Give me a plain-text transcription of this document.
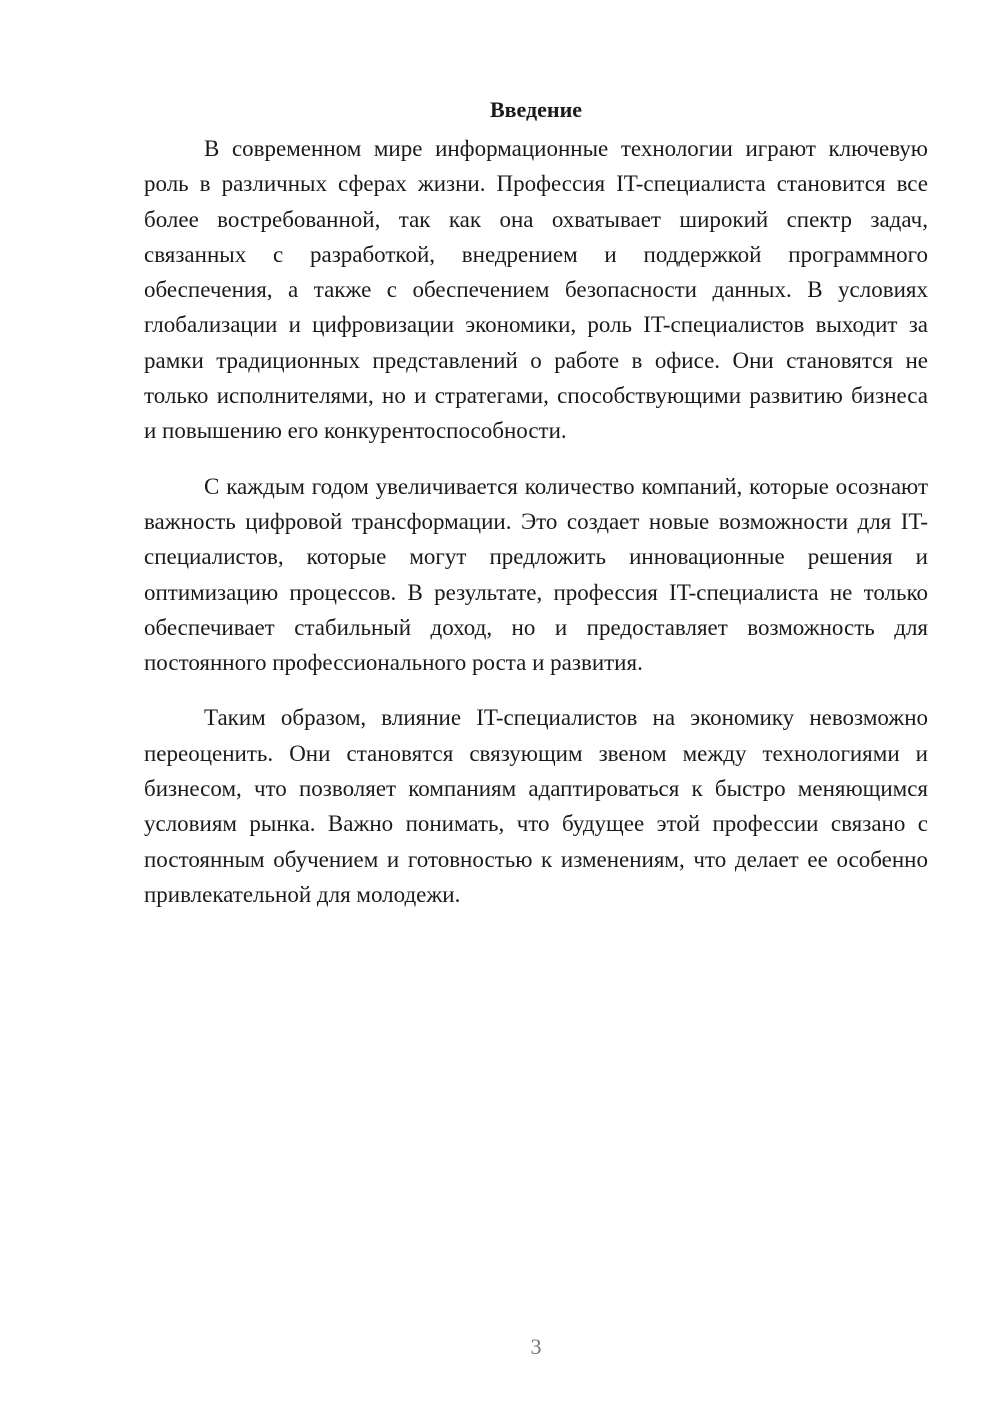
Введение

В современном мире информационные технологии играют ключевую роль в различных сферах жизни. Профессия IT-специалиста становится все более востребованной, так как она охватывает широкий спектр задач, связанных с разработкой, внедрением и поддержкой программного обеспечения, а также с обеспечением безопасности данных. В условиях глобализации и цифровизации экономики, роль IT-специалистов выходит за рамки традиционных представлений о работе в офисе. Они становятся не только исполнителями, но и стратегами, способствующими развитию бизнеса и повышению его конкурентоспособности.

С каждым годом увеличивается количество компаний, которые осознают важность цифровой трансформации. Это создает новые возможности для IT-специалистов, которые могут предложить инновационные решения и оптимизацию процессов. В результате, профессия IT-специалиста не только обеспечивает стабильный доход, но и предоставляет возможность для постоянного профессионального роста и развития.

Таким образом, влияние IT-специалистов на экономику невозможно переоценить. Они становятся связующим звеном между технологиями и бизнесом, что позволяет компаниям адаптироваться к быстро меняющимся условиям рынка. Важно понимать, что будущее этой профессии связано с постоянным обучением и готовностью к изменениям, что делает ее особенно привлекательной для молодежи.

3
